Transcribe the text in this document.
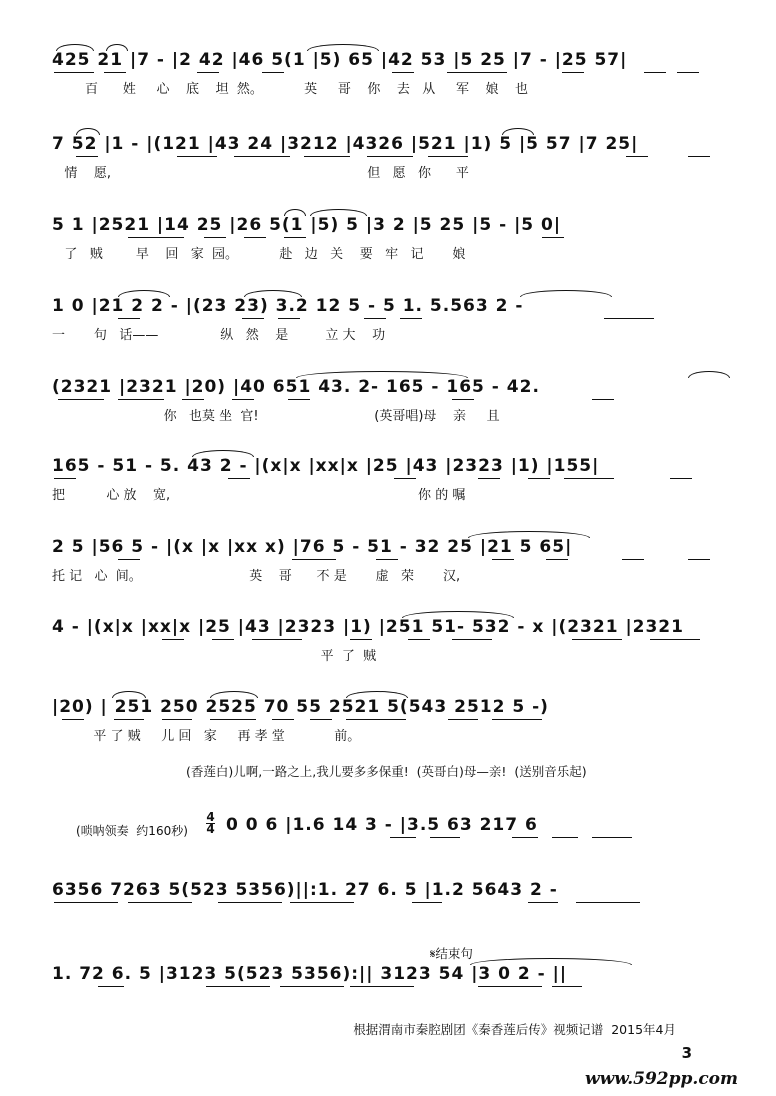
425 21 |7 - |2 42 |46 5(1 |5) 65 |42 53 |5 25 |7 - |25 57|
百      姓     心    底    坦  然。          英     哥    你    去   从     军    娘    也
7 52 |1 - |(121 |43 24 |3212 |4326 |521 |1) 5 |5 57 |7 25|
情    愿,                                                              但   愿   你      平
5 1 |2521 |14 25 |26 5(1 |5) 5 |3 2 |5 25 |5 - |5 0|
了   贼        早    回   家  园。          赴   边   关    要   牢   记       娘
1 0 |21 2 2 - |(23 23) 3.2 12 5 - 5 1. 5.563 2 -
一       句   话——               纵   然    是         立 大    功
(2321 |2321 |20) |40 651 43. 2- 165 - 165 - 42.
你   也莫 坐  官!                            (英哥唱)母    亲     且
165 - 51 - 5. 43 2 - |(x|x |xx|x |25 |43 |2323 |1) |155|
把          心 放    宽,                                                            你 的 嘱
2 5 |56 5 - |(x |x |xx x) |76 5 - 51 - 32 25 |21 5 65|
托 记   心  间。                          英    哥      不 是       虚   荣       汉,
4 - |(x|x |xx|x |25 |43 |2323 |1) |251 51- 532 - x |(2321 |2321
平  了  贼
|20) | 251 250 2525 70 55 2521 5(543 2512 5 -)
平 了 贼     儿 回   家     再 孝 堂            前。
(香莲白)儿啊,一路之上,我儿要多多保重!  (英哥白)母—亲!  (送别音乐起)
(唢呐领奏  约160秒)
4
4 0 0 6 |1.6 14 3 - |3.5 63 217 6
6356 7263 5(523 5356)||:1. 27 6. 5 |1.2 5643 2 -
𝄋结束句
1. 72 6. 5 |3123 5(523 5356):|| 3123 54 |3 0 2 - ||
根据渭南市秦腔剧团《秦香莲后传》视频记谱  2015年4月
3
www.592pp.com
